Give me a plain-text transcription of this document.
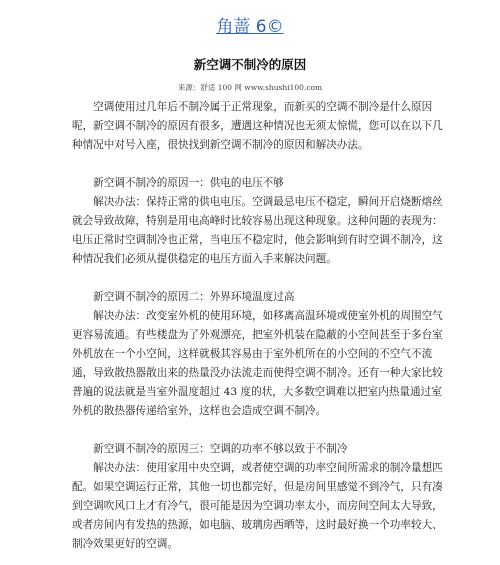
角蔷 6©
新空调不制冷的原因
来源：舒适 100 网 www.shushi100.com
　　空调使用过几年后不制冷属于正常现象，而新买的空调不制冷是什么原因
呢，新空调不制冷的原因有很多，遭遇这种情况也无须太惊慌，您可以在以下几
种情况中对号入座，很快找到新空调不制冷的原因和解决办法。
　　新空调不制冷的原因一：供电的电压不够
　　解决办法：保持正常的供电电压。空调最忌电压不稳定，瞬间开启烧断熔丝
就会导致故障，特别是用电高峰时比较容易出现这种现象。这种问题的表现为：
电压正常时空调制冷也正常，当电压不稳定时，他会影响到有时空调不制冷，这
种情况我们必须从提供稳定的电压方面入手来解决问题。
　　新空调不制冷的原因二：外界环境温度过高
　　解决办法：改变室外机的使用环境，如移离高温环境或使室外机的周围空气
更容易流通。有些楼盘为了外观漂亮，把室外机装在隐蔽的小空间甚至于多台室
外机放在一个小空间，这样就极其容易由于室外机所在的小空间的不空气不流
通，导致散热器散出来的热量没办法流走而使得空调不制冷。还有一种大家比较
普遍的说法就是当室外温度超过 43 度的状，大多数空调难以把室内热量通过室
外机的散热器传递给室外，这样也会造成空调不制冷。
　　新空调不制冷的原因三：空调的功率不够以致于不制冷
　　解决办法：使用家用中央空调，或者使空调的功率空间所需求的制冷量想匹
配。如果空调运行正常，其他一切也都完好，但是房间里感觉不到冷气，只有凑
到空调吹风口上才有冷气，很可能是因为空调功率太小，而房间空间太大导致，
或者房间内有发热的热源，如电脑、玻璃房西晒等，这时最好换一个功率较大、
制冷效果更好的空调。
